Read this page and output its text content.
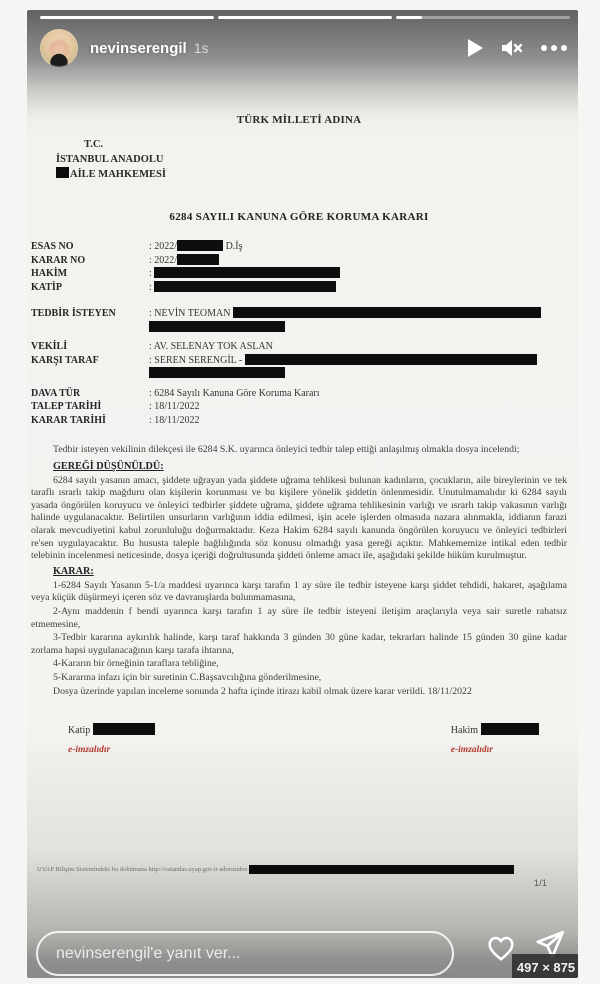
nevinserengil 1s
TÜRK MİLLETİ ADINA
T.C.
İSTANBUL ANADOLU
AİLE MAHKEMESİ
6284 SAYILI KANUNA GÖRE KORUMA KARARI
ESAS NO	: 2022/	D.İş
KARAR NO	: 2022/
HAKİM	:
KATİP	:
TEDBİR İSTEYEN	: NEVİN TEOMAN
VEKİLİ	: AV. SELENAY TOK ASLAN
KARŞI TARAF	: SEREN SERENGİL -
DAVA TÜR	: 6284 Sayılı Kanuna Göre Koruma Kararı
TALEP TARİHİ	: 18/11/2022
KARAR TARİHİ	: 18/11/2022

Tedbir isteyen vekilinin dilekçesi ile 6284 S.K. uyarınca önleyici tedbir talep ettiği anlaşılmış olmakla dosya incelendi;

GEREĞİ DÜŞÜNÜLDÜ:

6284 sayılı yasanın amacı, şiddete uğrayan yada şiddete uğrama tehlikesi bulunan kadınların, çocukların, aile bireylerinin ve tek taraflı ısrarlı takip mağduru olan kişilerin korunması ve bu kişilere yönelik şiddetin önlenmesidir. Unutulmamalıdır ki 6284 sayılı yasada öngörülen koruyucu ve önleyici tedbirler şiddete uğrama, şiddete uğrama tehlikesinin varlığı ve ısrarlı takip vakasının varlığı halinde uygulanacaktır. Belirtilen unsurların varlığının iddia edilmesi, işin acele işlerden olmasıda nazara alınmakla, iddianın farazi olarak mevcudiyetini kabul zorunluluğu doğurmaktadır. Keza Hakim 6284 sayılı kanunda öngörülen koruyucu ve önleyici tedbirleri re'sen uygulayacaktır. Bu hususta taleple bağlılığında söz konusu olmadığı yasa gereği açıktır. Mahkememize intikal eden tedbir telebinin incelenmesi neticesinde, dosya içeriği doğrultusunda şiddeti önleme amacı ile, aşağıdaki şekilde hüküm kurulmuştur.

KARAR:

1-6284 Sayılı Yasanın 5-1/a maddesi uyarınca karşı tarafın 1 ay süre ile tedbir isteyene karşı şiddet tehdidi, hakaret, aşağılama veya küçük düşürmeyi içeren söz ve davranışlarda bulunmamasına,

2-Aynı maddenin f bendi uyarınca karşı tarafın 1 ay süre ile tedbir isteyeni iletişim araçlarıyla veya sair suretle rahatsız etmemesine,

3-Tedbir kararına aykırılık halinde, karşı taraf hakkında 3 günden 30 güne kadar, tekrarları halinde 15 günden 30 güne kadar zorlama hapsi uygulanacağının karşı tarafa ihtarına,

4-Kararın bir örneğinin taraflara tebliğine,

5-Kararına infazı için bir suretinin C.Başsavcılığına gönderilmesine,

Dosya üzerinde yapılan inceleme sonunda 2 hafta içinde itirazı kabil olmak üzere karar verildi. 18/11/2022

Katip
e-imzalıdır
Hakim
e-imzalıdır
1/1
UYAP Bilişim Sistemindeki bu dokümana http://vatandas.uyap.gov.tr adresinden
nevinserengil'e yanıt ver...
497 × 875
